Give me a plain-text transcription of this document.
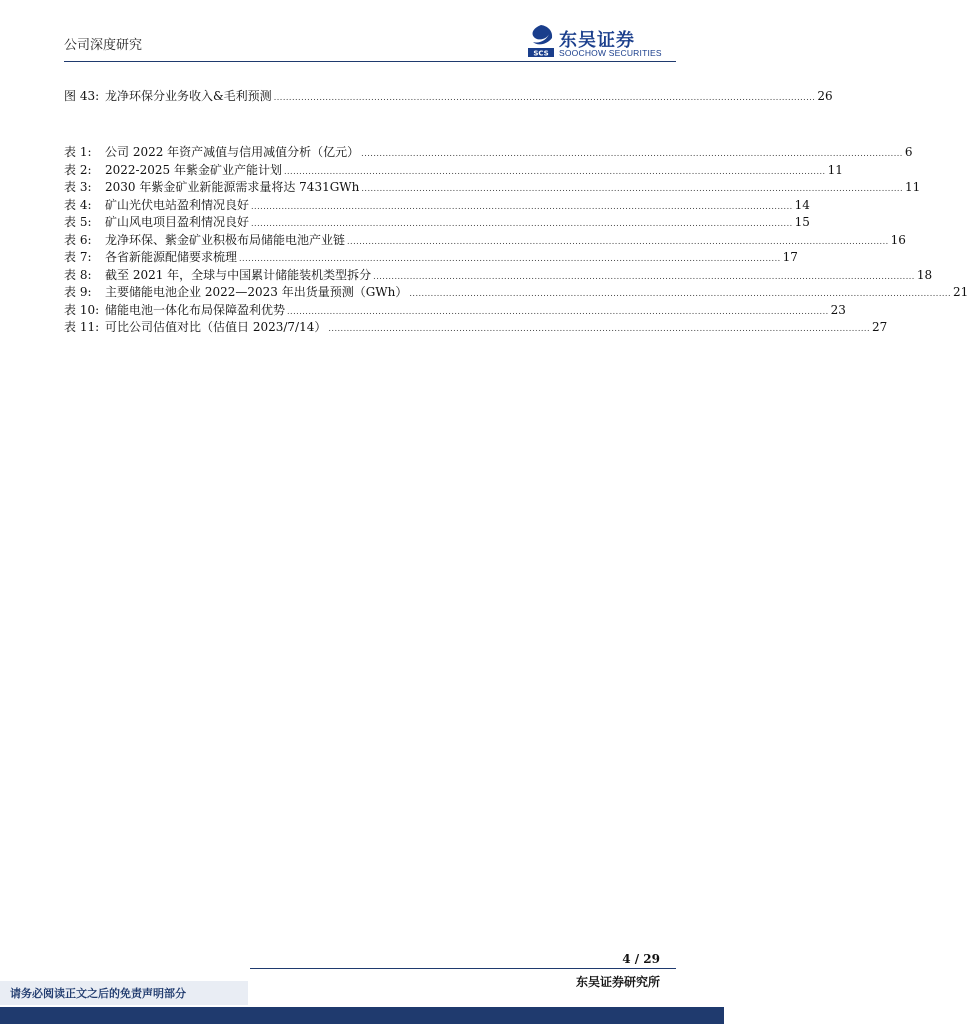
公司深度研究
SCS
东吴证券
SOOCHOW SECURITIES
图 43: 龙净环保分业务收入&毛利预测 .................................................................................................................................................................................. 26
表 1:	公司 2022 年资产减值与信用减值分析（亿元） .................................................................................................................................................................................. 6
表 2:	2022-2025 年紫金矿业产能计划 .................................................................................................................................................................................. 11
表 3:	2030 年紫金矿业新能源需求量将达 7431GWh .................................................................................................................................................................................. 11
表 4:	矿山光伏电站盈利情况良好 .................................................................................................................................................................................. 14
表 5:	矿山风电项目盈利情况良好 .................................................................................................................................................................................. 15
表 6:	龙净环保、紫金矿业积极布局储能电池产业链 .................................................................................................................................................................................. 16
表 7:	各省新能源配储要求梳理 .................................................................................................................................................................................. 17
表 8:	截至 2021 年，全球与中国累计储能装机类型拆分 .................................................................................................................................................................................. 18
表 9:	主要储能电池企业 2022—2023 年出货量预测（GWh） .................................................................................................................................................................................. 21
表 10: 储能电池一体化布局保障盈利优势 .................................................................................................................................................................................. 23
表 11: 可比公司估值对比（估值日 2023/7/14） .................................................................................................................................................................................. 27
4 / 29
东吴证券研究所
请务必阅读正文之后的免责声明部分
